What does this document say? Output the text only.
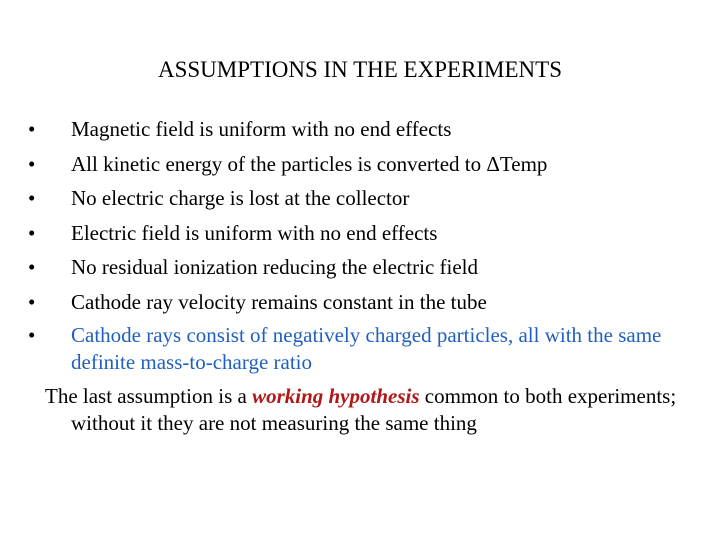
ASSUMPTIONS IN THE EXPERIMENTS
• Magnetic field is uniform with no end effects
• All kinetic energy of the particles is converted to ΔTemp
• No electric charge is lost at the collector
• Electric field is uniform with no end effects
• No residual ionization reducing the electric field
• Cathode ray velocity remains constant in the tube
• Cathode rays consist of negatively charged particles, all with the same definite mass-to-charge ratio
The last assumption is a working hypothesis common to both experiments; without it they are not measuring the same thing
